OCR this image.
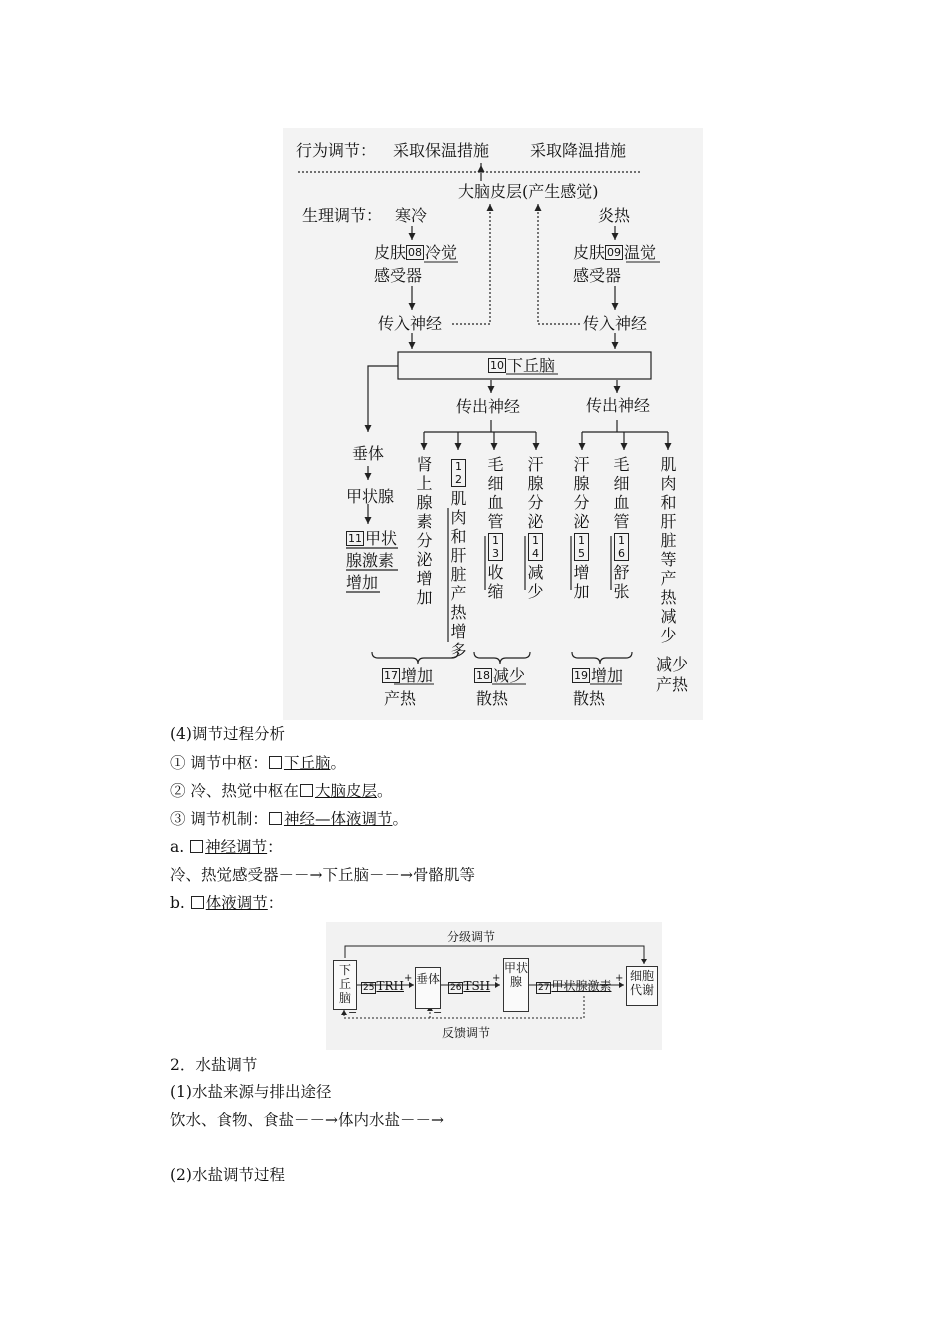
行为调节： 采取保温措施	采取降温措施
大脑皮层(产生感觉)
生理调节： 寒冷	炎热
皮肤 08 冷觉
感受器
皮肤 09 温觉
感受器
传入神经	传入神经
10 下丘脑
传出神经	传出神经
垂体
甲状腺
11 甲状
腺激素
增加
肾上腺素分泌增加
12
肌肉和肝脏产热增多
毛细血管
13
收缩
汗腺分泌
14
减少
汗腺分泌
15
增加
毛细血管
16
舒张
肌肉和肝脏等产热减少
17 增加
产热
18 减少
散热
19 增加
散热
减少
产热
(4)调节过程分析
① 调节中枢： 下丘脑。
② 冷、热觉中枢在 大脑皮层。
③ 调节机制： 神经—体液调节。
a. 神经调节：
冷、热觉感受器－－→下丘脑－－→骨骼肌等
b. 体液调节：
分级调节
反馈调节
下丘脑
25 TRH
+ 垂体
26 TSH
+
甲状腺	27 甲状腺激素
+ 细胞代谢
−	−
2．水盐调节
(1)水盐来源与排出途径
饮水、食物、食盐－－→体内水盐－－→
(2)水盐调节过程
